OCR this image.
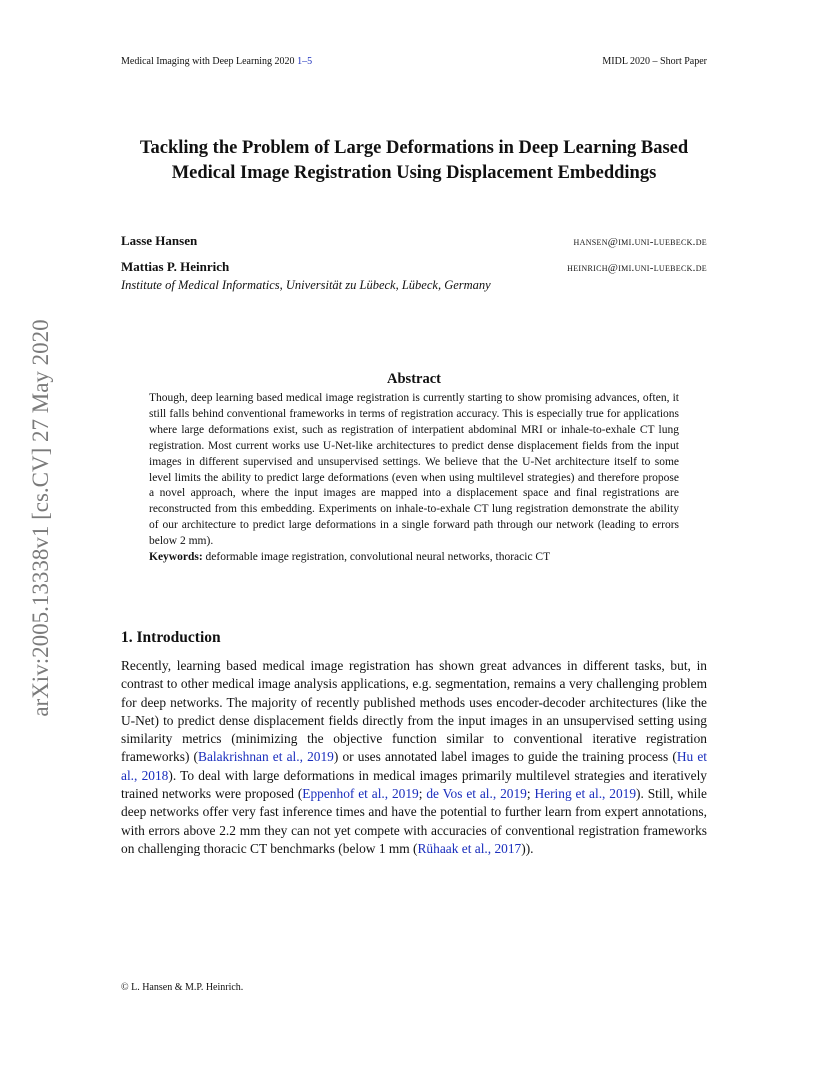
Medical Imaging with Deep Learning 2020 1–5	MIDL 2020 – Short Paper
Tackling the Problem of Large Deformations in Deep Learning Based Medical Image Registration Using Displacement Embeddings
Lasse Hansen	hansen@imi.uni-luebeck.de
Mattias P. Heinrich	heinrich@imi.uni-luebeck.de
Institute of Medical Informatics, Universität zu Lübeck, Lübeck, Germany
Abstract
Though, deep learning based medical image registration is currently starting to show promising advances, often, it still falls behind conventional frameworks in terms of registration accuracy. This is especially true for applications where large deformations exist, such as registration of interpatient abdominal MRI or inhale-to-exhale CT lung registration. Most current works use U-Net-like architectures to predict dense displacement fields from the input images in different supervised and unsupervised settings. We believe that the U-Net architecture itself to some level limits the ability to predict large deformations (even when using multilevel strategies) and therefore propose a novel approach, where the input images are mapped into a displacement space and final registrations are reconstructed from this embedding. Experiments on inhale-to-exhale CT lung registration demonstrate the ability of our architecture to predict large deformations in a single forward path through our network (leading to errors below 2 mm).
Keywords: deformable image registration, convolutional neural networks, thoracic CT
1. Introduction
Recently, learning based medical image registration has shown great advances in different tasks, but, in contrast to other medical image analysis applications, e.g. segmentation, remains a very challenging problem for deep networks. The majority of recently published methods uses encoder-decoder architectures (like the U-Net) to predict dense displacement fields directly from the input images in an unsupervised setting using similarity metrics (minimizing the objective function similar to conventional iterative registration frameworks) (Balakrishnan et al., 2019) or uses annotated label images to guide the training process (Hu et al., 2018). To deal with large deformations in medical images primarily multilevel strategies and iteratively trained networks were proposed (Eppenhof et al., 2019; de Vos et al., 2019; Hering et al., 2019). Still, while deep networks offer very fast inference times and have the potential to further learn from expert annotations, with errors above 2.2 mm they can not yet compete with accuracies of conventional registration frameworks on challenging thoracic CT benchmarks (below 1 mm (Rühaak et al., 2017)).
© L. Hansen & M.P. Heinrich.
arXiv:2005.13338v1 [cs.CV] 27 May 2020
